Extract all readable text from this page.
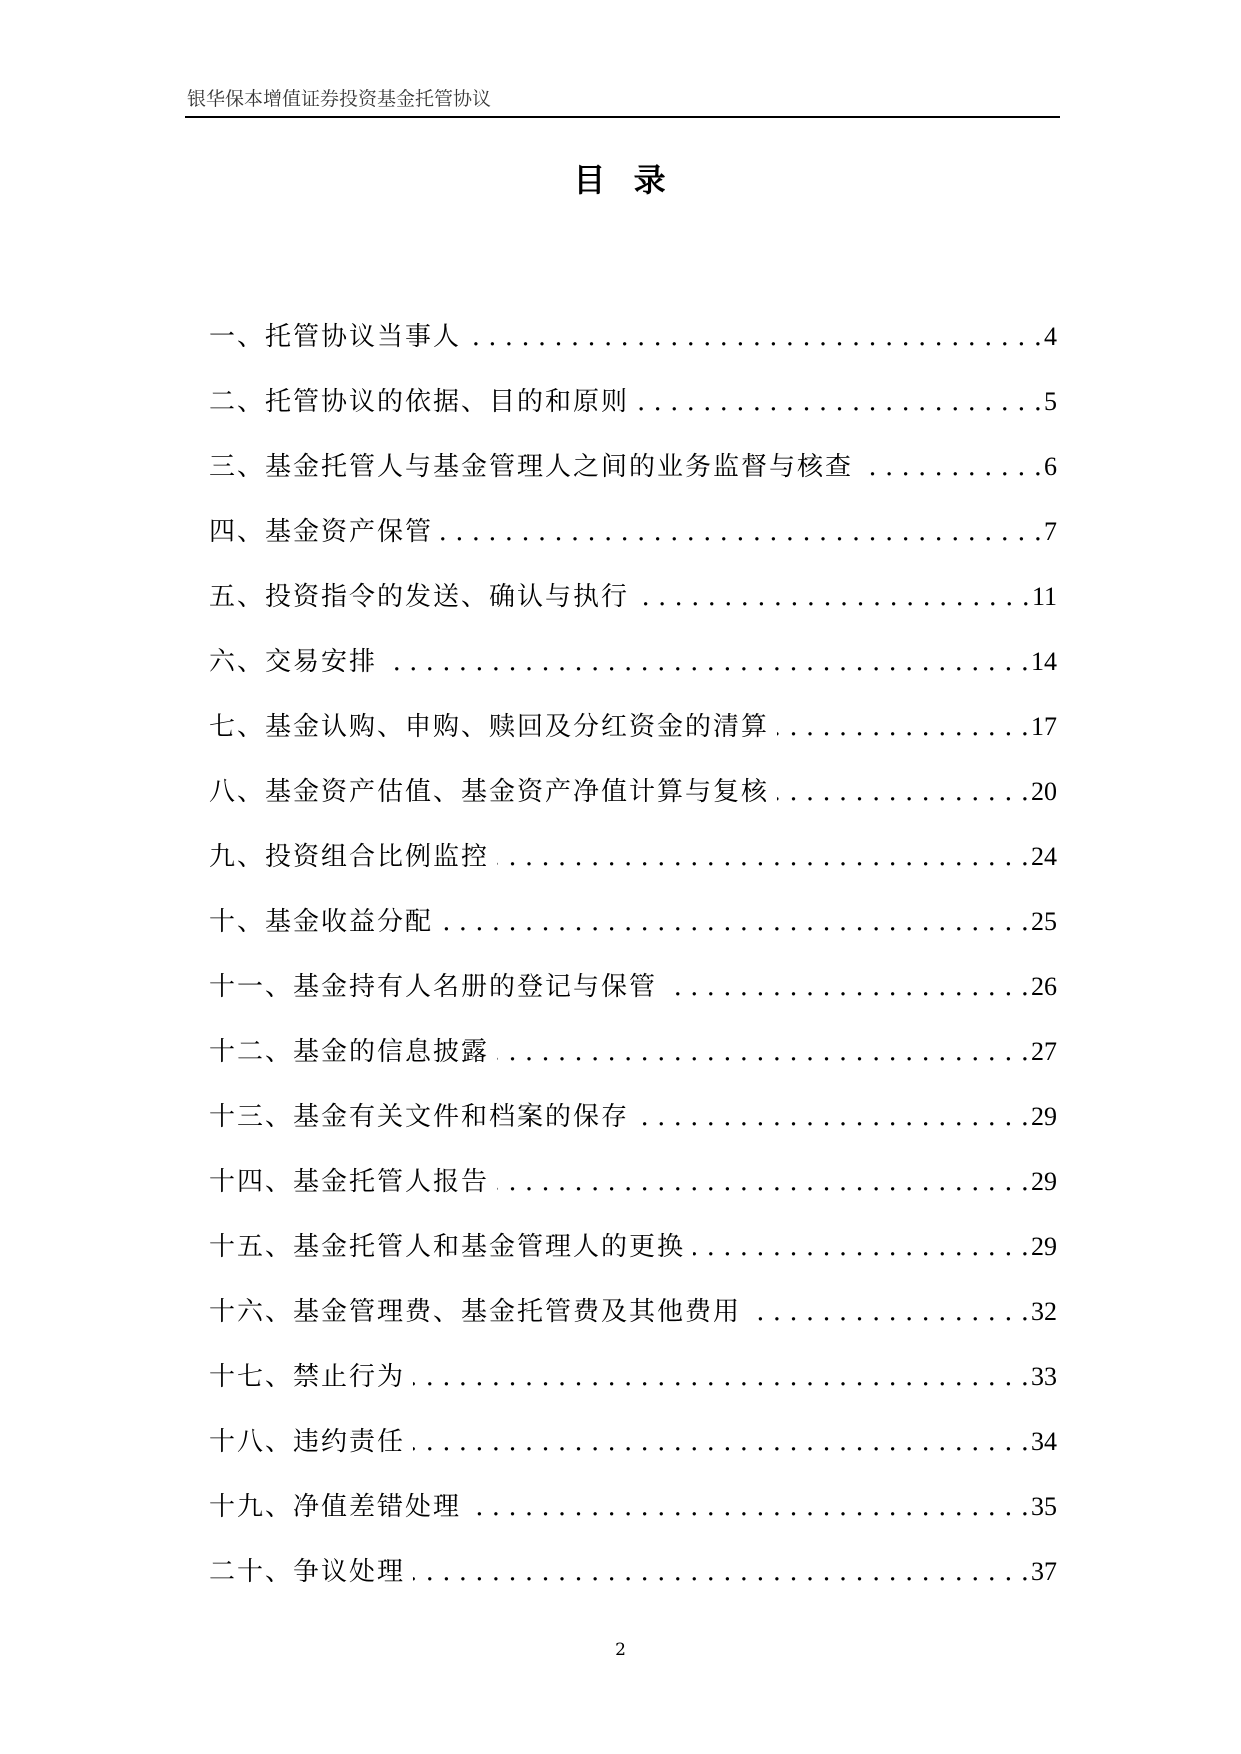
银华保本增值证券投资基金托管协议
目  录
一、托管协议当事人 . . .	4
二、托管协议的依据、目的和原则 . . .	5
三、基金托管人与基金管理人之间的业务监督与核查 . . .	6
四、基金资产保管 . . .	7
五、投资指令的发送、确认与执行 . . .	11
六、交易安排 . . .	14
七、基金认购、申购、赎回及分红资金的清算 . . .	17
八、基金资产估值、基金资产净值计算与复核 . . .	20
九、投资组合比例监控 . . .	24
十、基金收益分配 . . .	25
十一、基金持有人名册的登记与保管 . . .	26
十二、基金的信息披露 . . .	27
十三、基金有关文件和档案的保存 . . .	29
十四、基金托管人报告 . . .	29
十五、基金托管人和基金管理人的更换 . . .	29
十六、基金管理费、基金托管费及其他费用 . . .	32
十七、禁止行为 . . .	33
十八、违约责任 . . .	34
十九、净值差错处理 . . .	35
二十、争议处理 . . .	37
2
